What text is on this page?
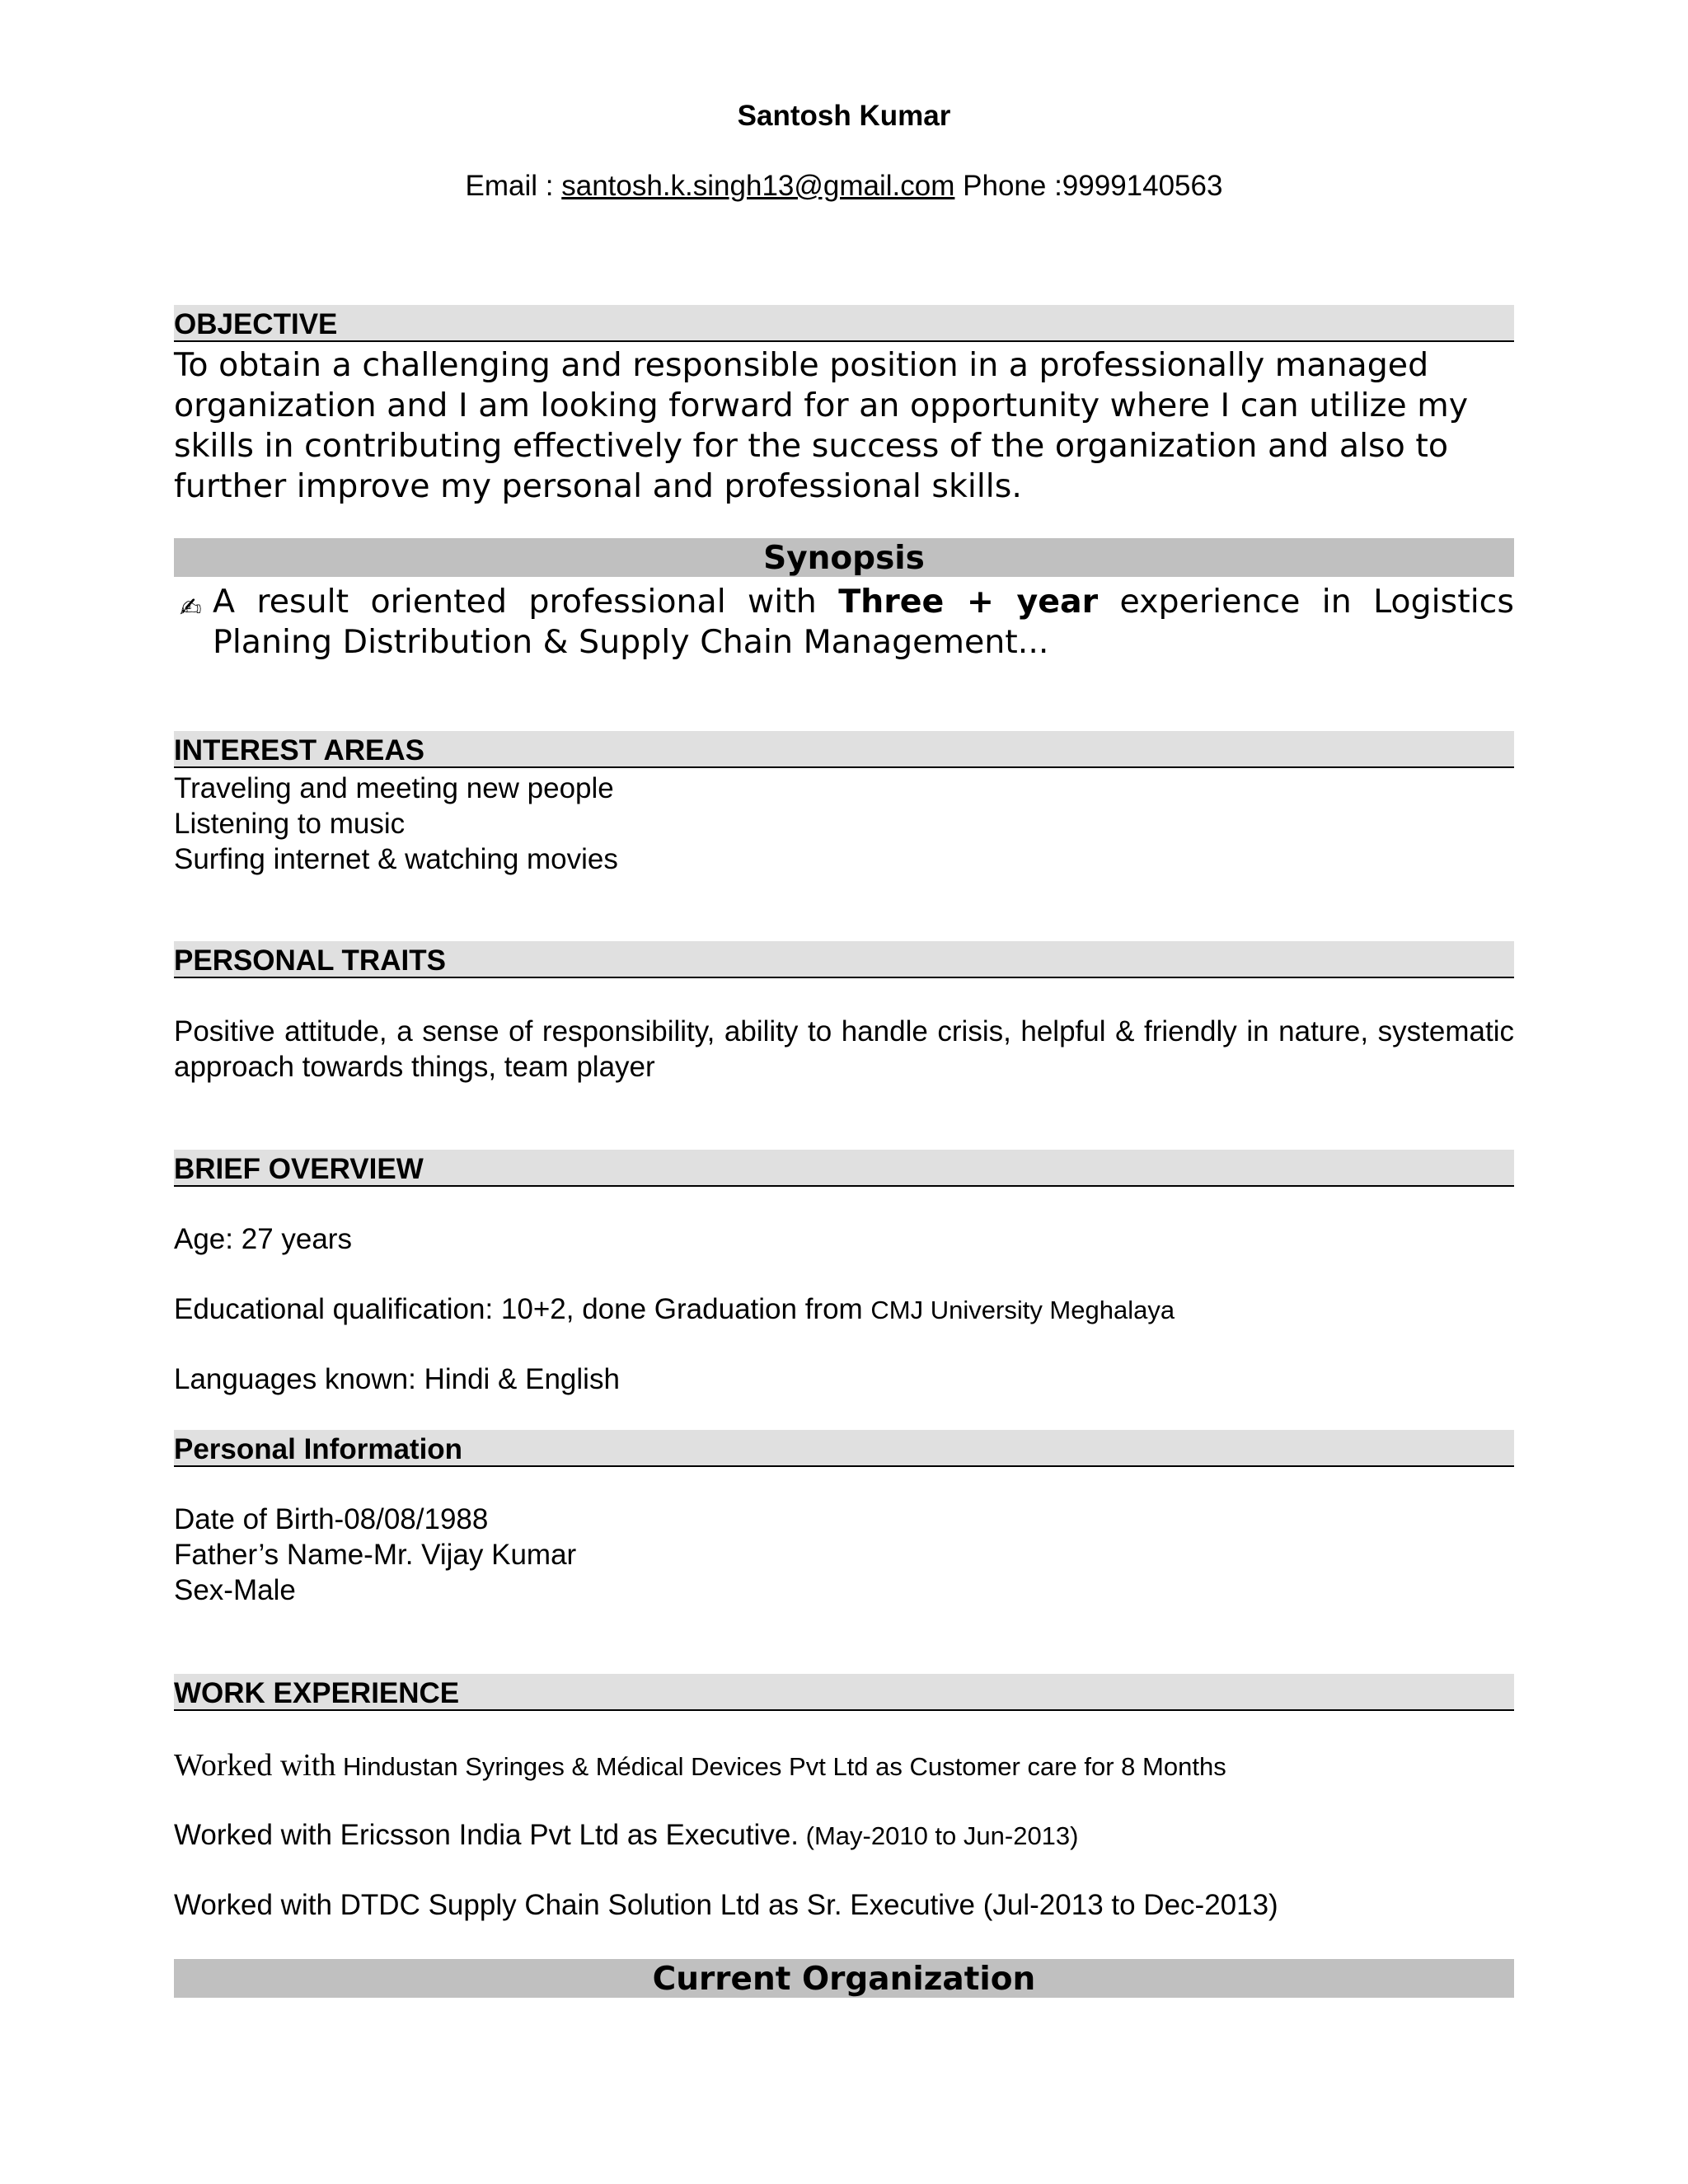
Santosh Kumar
Email : santosh.k.singh13@gmail.com Phone :9999140563
OBJECTIVE
To obtain a challenging and responsible position in a professionally managed organization and I am looking forward for an opportunity where I can utilize my skills in contributing effectively for the success of the organization and also to further improve my personal and professional skills.
Synopsis
✍ A result oriented professional with Three + year experience in Logistics Planing Distribution & Supply Chain Management...
INTEREST AREAS
Traveling and meeting new people
Listening to music
Surfing internet & watching movies
PERSONAL TRAITS
Positive attitude, a sense of responsibility, ability to handle crisis, helpful & friendly in nature, systematic approach towards things, team player
BRIEF OVERVIEW
Age: 27 years
Educational qualification: 10+2, done Graduation from CMJ University Meghalaya
Languages known: Hindi & English
Personal Information
Date of Birth-08/08/1988
Father’s Name-Mr. Vijay Kumar
Sex-Male
WORK EXPERIENCE
Worked with Hindustan Syringes & Médical Devices Pvt Ltd as Customer care for 8 Months
Worked with Ericsson India Pvt Ltd as Executive. (May-2010 to Jun-2013)
Worked with DTDC Supply Chain Solution Ltd as Sr. Executive (Jul-2013 to Dec-2013)
Current Organization
